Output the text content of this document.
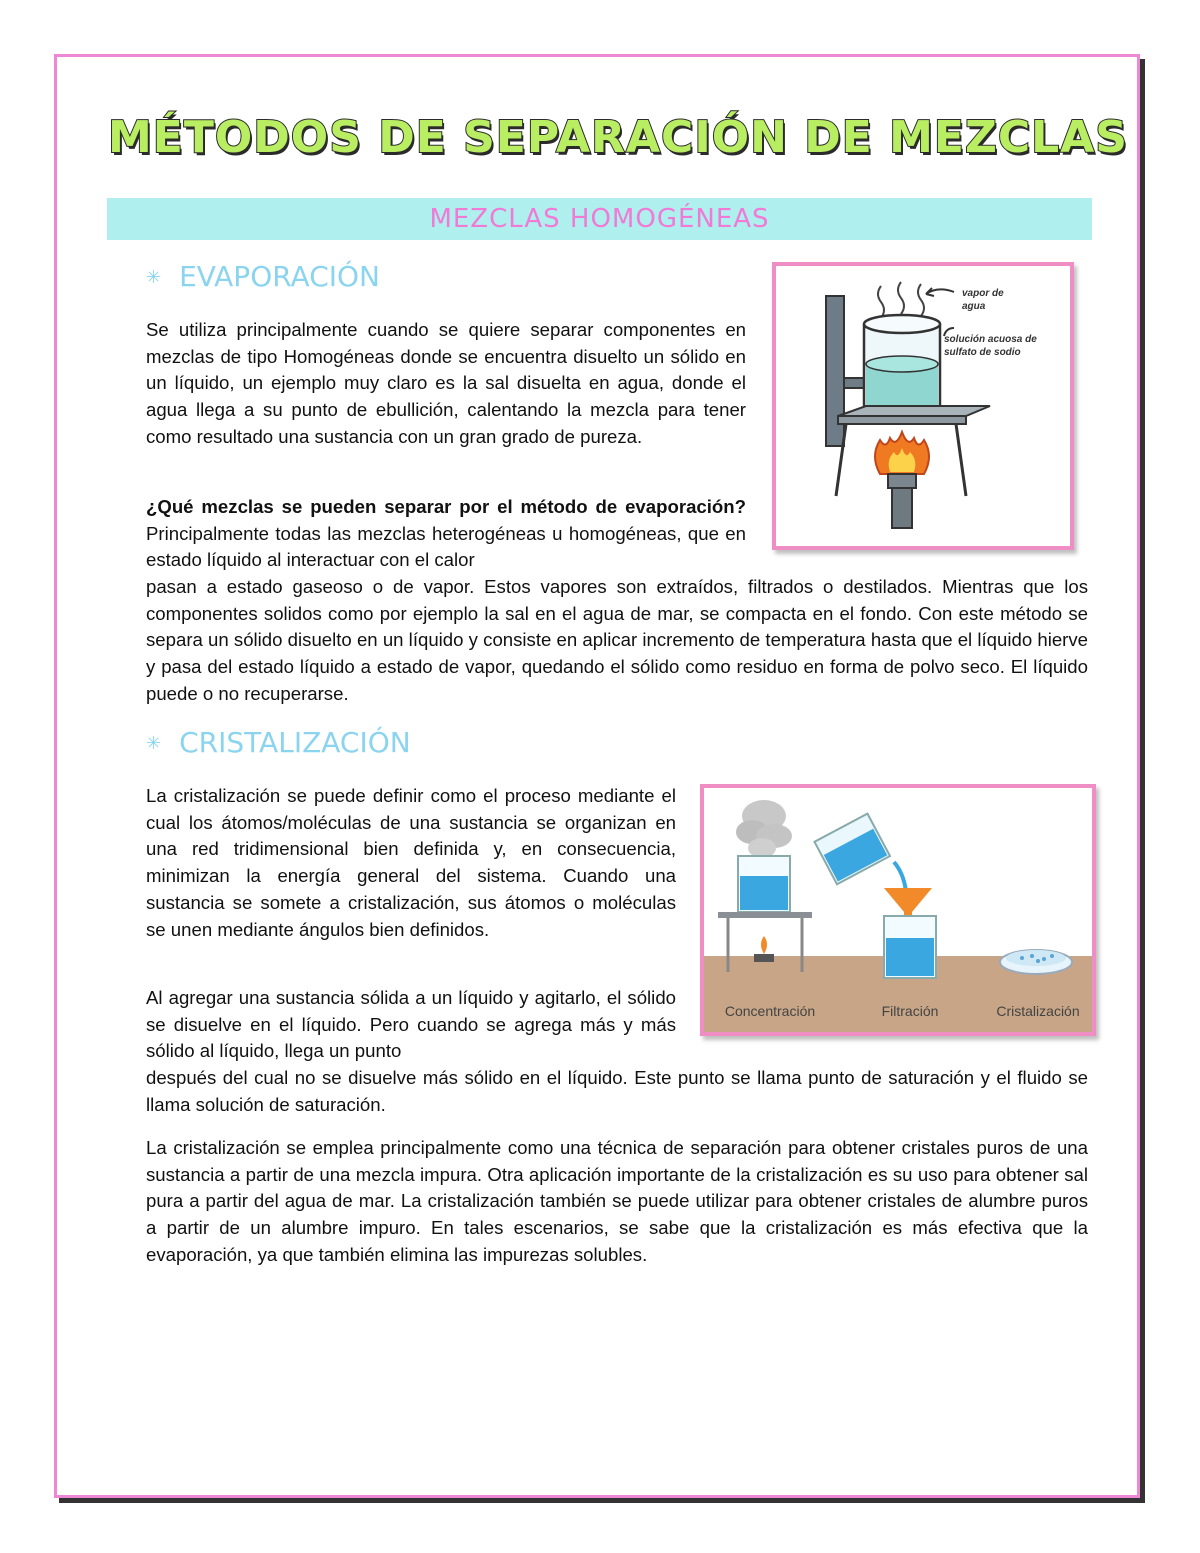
MÉTODOS DE SEPARACIÓN DE MEZCLAS
MEZCLAS HOMOGÉNEAS
✳ EVAPORACIÓN

Se utiliza principalmente cuando se quiere separar componentes en mezclas de tipo Homogéneas donde se encuentra disuelto un sólido en un líquido, un ejemplo muy claro es la sal disuelta en agua, donde el agua llega a su punto de ebullición, calentando la mezcla para tener como resultado una sustancia con un gran grado de pureza.

vapor de
agua
solución acuosa de
sulfato de sodio

¿Qué mezclas se pueden separar por el método de evaporación? Principalmente todas las mezclas heterogéneas u homogéneas, que en estado líquido al interactuar con el calor

pasan a estado gaseoso o de vapor. Estos vapores son extraídos, filtrados o destilados. Mientras que los componentes solidos como por ejemplo la sal en el agua de mar, se compacta en el fondo. Con este método se separa un sólido disuelto en un líquido y consiste en aplicar incremento de temperatura hasta que el líquido hierve y pasa del estado líquido a estado de vapor, quedando el sólido como residuo en forma de polvo seco. El líquido puede o no recuperarse.

✳ CRISTALIZACIÓN

La cristalización se puede definir como el proceso mediante el cual los átomos/moléculas de una sustancia se organizan en una red tridimensional bien definida y, en consecuencia, minimizan la energía general del sistema. Cuando una sustancia se somete a cristalización, sus átomos o moléculas se unen mediante ángulos bien definidos.

Concentración	Filtración	Cristalización

Al agregar una sustancia sólida a un líquido y agitarlo, el sólido se disuelve en el líquido. Pero cuando se agrega más y más sólido al líquido, llega un punto

después del cual no se disuelve más sólido en el líquido. Este punto se llama punto de saturación y el fluido se llama solución de saturación.

La cristalización se emplea principalmente como una técnica de separación para obtener cristales puros de una sustancia a partir de una mezcla impura. Otra aplicación importante de la cristalización es su uso para obtener sal pura a partir del agua de mar. La cristalización también se puede utilizar para obtener cristales de alumbre puros a partir de un alumbre impuro. En tales escenarios, se sabe que la cristalización es más efectiva que la evaporación, ya que también elimina las impurezas solubles.
